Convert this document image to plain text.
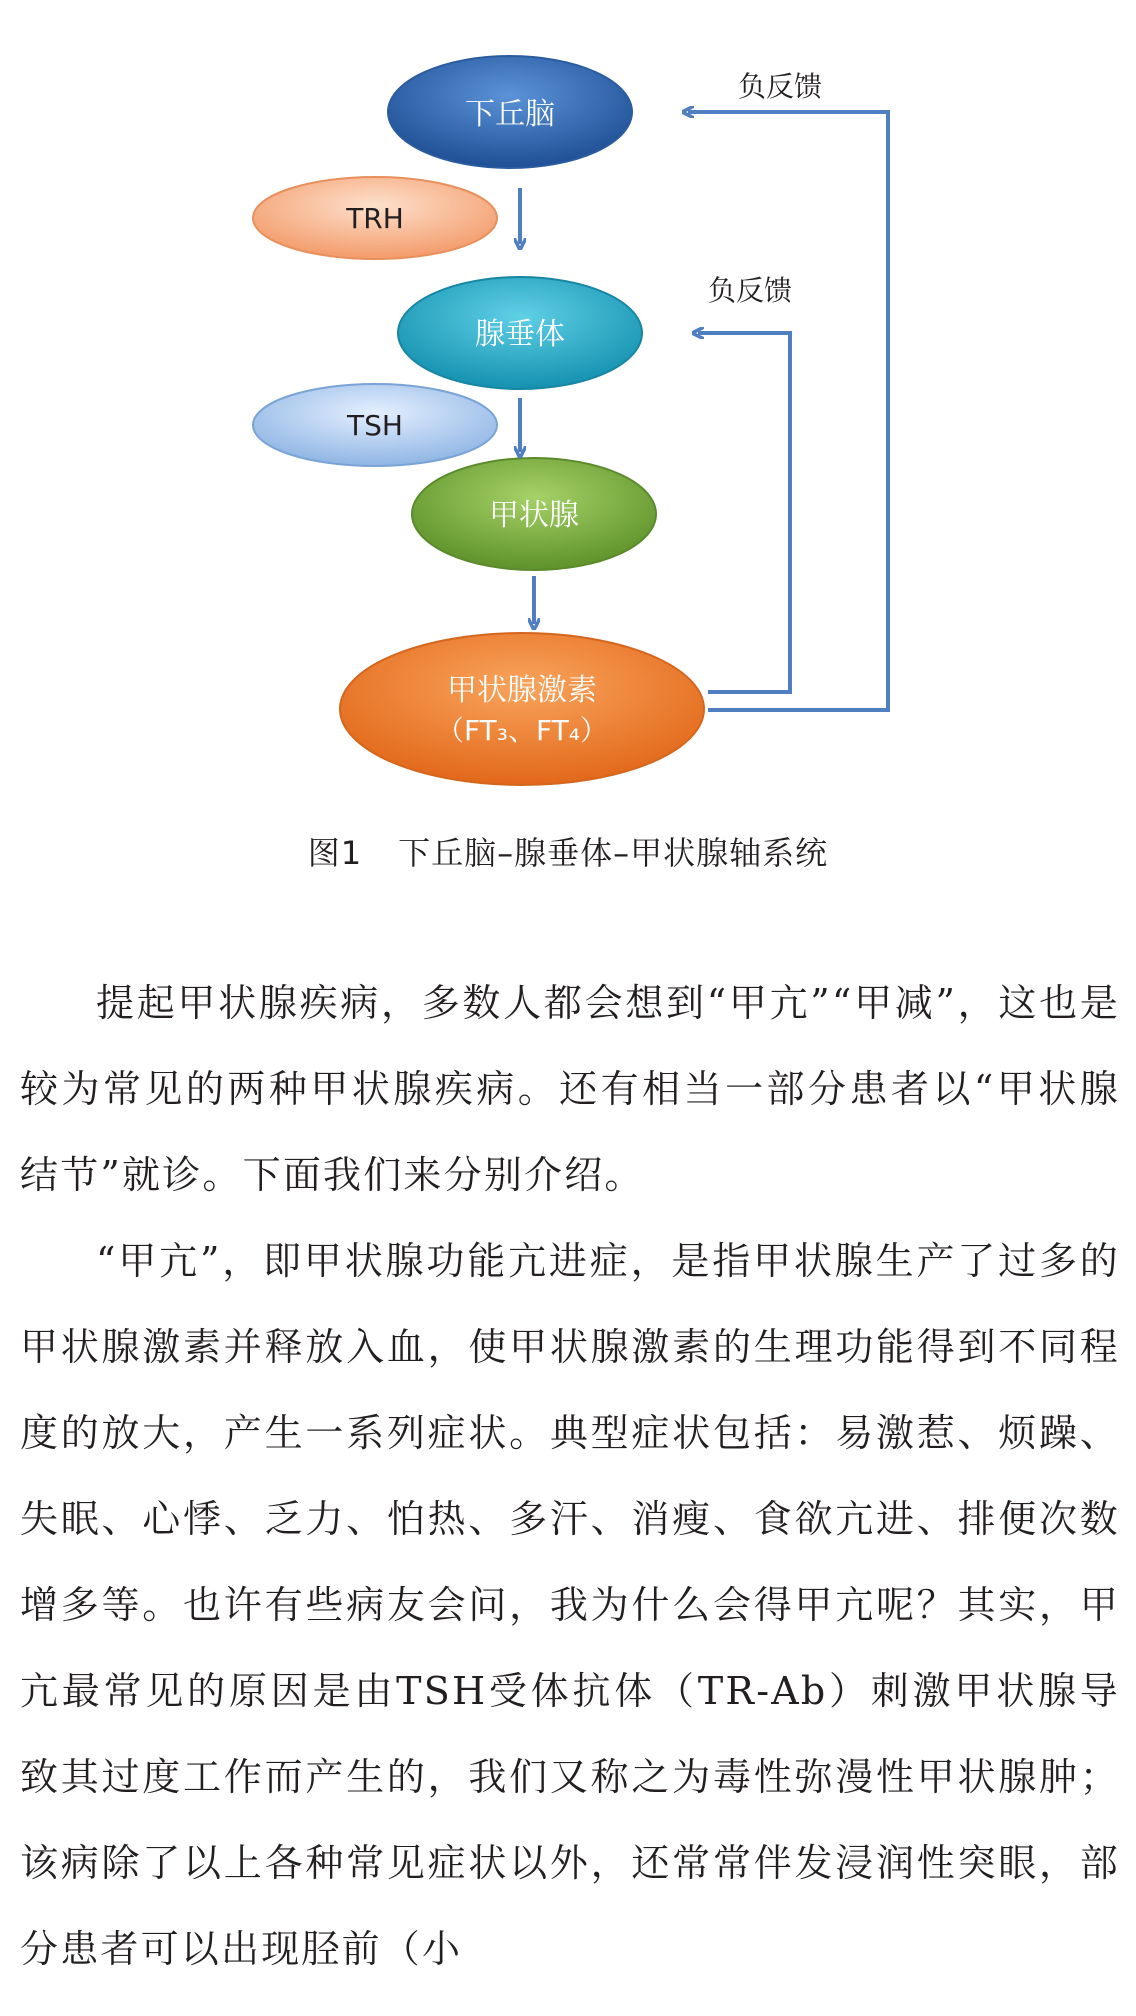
下丘脑
TRH
腺垂体
TSH
甲状腺
甲状腺激素
（FT₃、FT₄）
负反馈
负反馈
图1 下丘脑–腺垂体–甲状腺轴系统

提起甲状腺疾病，多数人都会想到“甲亢”“甲减”，这也是较为常见的两种甲状腺疾病。还有相当一部分患者以“甲状腺结节”就诊。下面我们来分别介绍。

“甲亢”，即甲状腺功能亢进症，是指甲状腺生产了过多的甲状腺激素并释放入血，使甲状腺激素的生理功能得到不同程度的放大，产生一系列症状。典型症状包括：易激惹、烦躁、失眠、心悸、乏力、怕热、多汗、消瘦、食欲亢进、排便次数增多等。也许有些病友会问，我为什么会得甲亢呢？其实，甲亢最常见的原因是由TSH受体抗体（TR-Ab）刺激甲状腺导致其过度工作而产生的，我们又称之为毒性弥漫性甲状腺肿；该病除了以上各种常见症状以外，还常常伴发浸润性突眼，部分患者可以出现胫前（小
